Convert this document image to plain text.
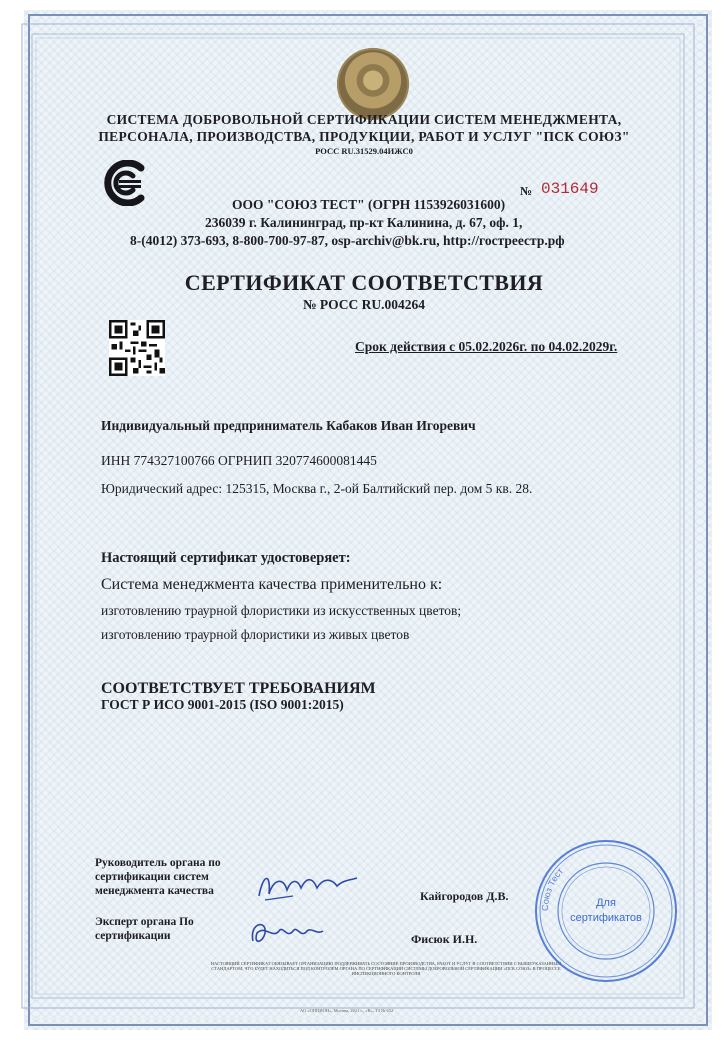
СИСТЕМА ДОБРОВОЛЬНОЙ СЕРТИФИКАЦИИ СИСТЕМ МЕНЕДЖМЕНТА,

ПЕРСОНАЛА, ПРОИЗВОДСТВА, ПРОДУКЦИИ, РАБОТ И УСЛУГ "ПСК СОЮЗ"

РОСС RU.31529.04ИЖС0

№ 031649

ООО "СОЮЗ ТЕСТ" (ОГРН 1153926031600)

236039 г. Калининград, пр-кт Калинина, д. 67, оф. 1,

8-(4012) 373-693, 8-800-700-97-87, osp-archiv@bk.ru, http://гостреестр.рф

СЕРТИФИКАТ СООТВЕТСТВИЯ

№ РОСС RU.004264

Срок действия с 05.02.2026г. по 04.02.2029г.

Индивидуальный предприниматель Кабаков Иван Игоревич

ИНН 774327100766 ОГРНИП 320774600081445

Юридический адрес: 125315, Москва г., 2-ой Балтийский пер. дом 5 кв. 28.

Настоящий сертификат удостоверяет:

Система менеджмента качества применительно к:

изготовлению траурной флористики из искусственных цветов;

изготовлению траурной флористики из живых цветов

СООТВЕТСТВУЕТ ТРЕБОВАНИЯМ

ГОСТ Р ИСО 9001-2015 (ISO 9001:2015)

Руководитель органа по сертификации систем менеджмента качества

Эксперт органа По сертификации

Кайгородов Д.В.

Фисюк И.Н.

НАСТОЯЩИЙ СЕРТИФИКАТ ОБЯЗЫВАЕТ ОРГАНИЗАЦИЮ ПОДДЕРЖИВАТЬ СОСТОЯНИЕ ПРОИЗВОДСТВА, РАБОТ И УСЛУГ В СООТВЕТСТВИИ С ВЫШЕУКАЗАННЫМ СТАНДАРТОМ, ЧТО БУДЕТ НАХОДИТЬСЯ ПОД КОНТРОЛЕМ ОРГАНА ПО СЕРТИФИКАЦИИ СИСТЕМЫ ДОБРОВОЛЬНОЙ СЕРТИФИКАЦИИ «ПСК СОЮЗ» В ПРОЦЕССЕ ИНСПЕКЦИОННОГО КОНТРОЛЯ

АО «ОПЦИОН», Москва, 2021 г., «В», ТЗ № 652

Союз Тест
Для
сертификатов
